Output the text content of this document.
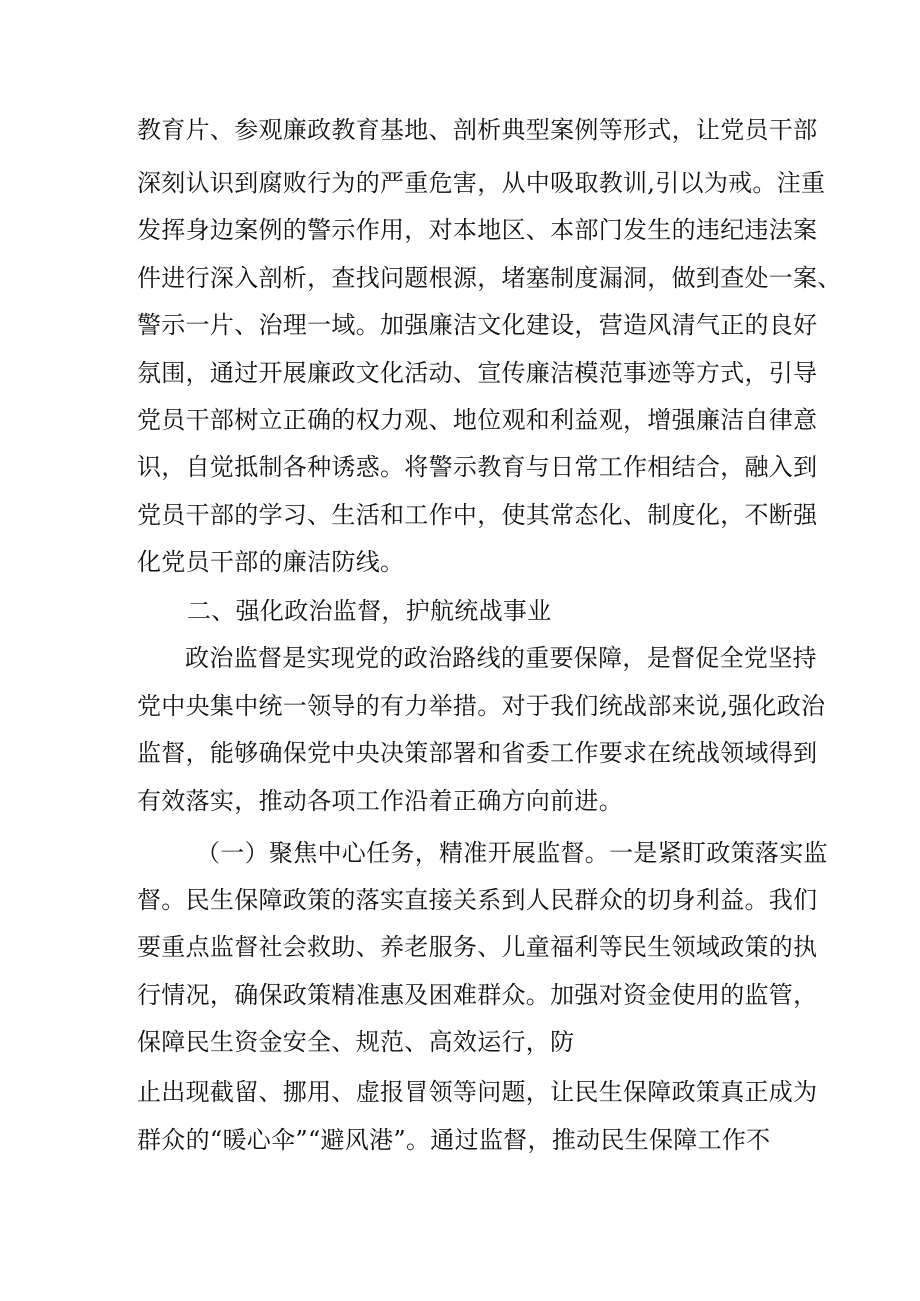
教育片、参观廉政教育基地、剖析典型案例等形式，让党员干部
深刻认识到腐败行为的严重危害，从中吸取教训,引以为戒。注重
发挥身边案例的警示作用，对本地区、本部门发生的违纪违法案
件进行深入剖析，查找问题根源，堵塞制度漏洞，做到查处一案、
警示一片、治理一域。加强廉洁文化建设，营造风清气正的良好
氛围，通过开展廉政文化活动、宣传廉洁模范事迹等方式，引导
党员干部树立正确的权力观、地位观和利益观，增强廉洁自律意
识，自觉抵制各种诱惑。将警示教育与日常工作相结合，融入到
党员干部的学习、生活和工作中，使其常态化、制度化，不断强
化党员干部的廉洁防线。
二、强化政治监督，护航统战事业
政治监督是实现党的政治路线的重要保障，是督促全党坚持
党中央集中统一领导的有力举措。对于我们统战部来说,强化政治
监督，能够确保党中央决策部署和省委工作要求在统战领域得到
有效落实，推动各项工作沿着正确方向前进。
（一）聚焦中心任务，精准开展监督。一是紧盯政策落实监
督。民生保障政策的落实直接关系到人民群众的切身利益。我们
要重点监督社会救助、养老服务、儿童福利等民生领域政策的执
行情况，确保政策精准惠及困难群众。加强对资金使用的监管，
保障民生资金安全、规范、高效运行，防
止出现截留、挪用、虚报冒领等问题，让民生保障政策真正成为
群众的“暖心伞”“避风港”。通过监督，推动民生保障工作不
